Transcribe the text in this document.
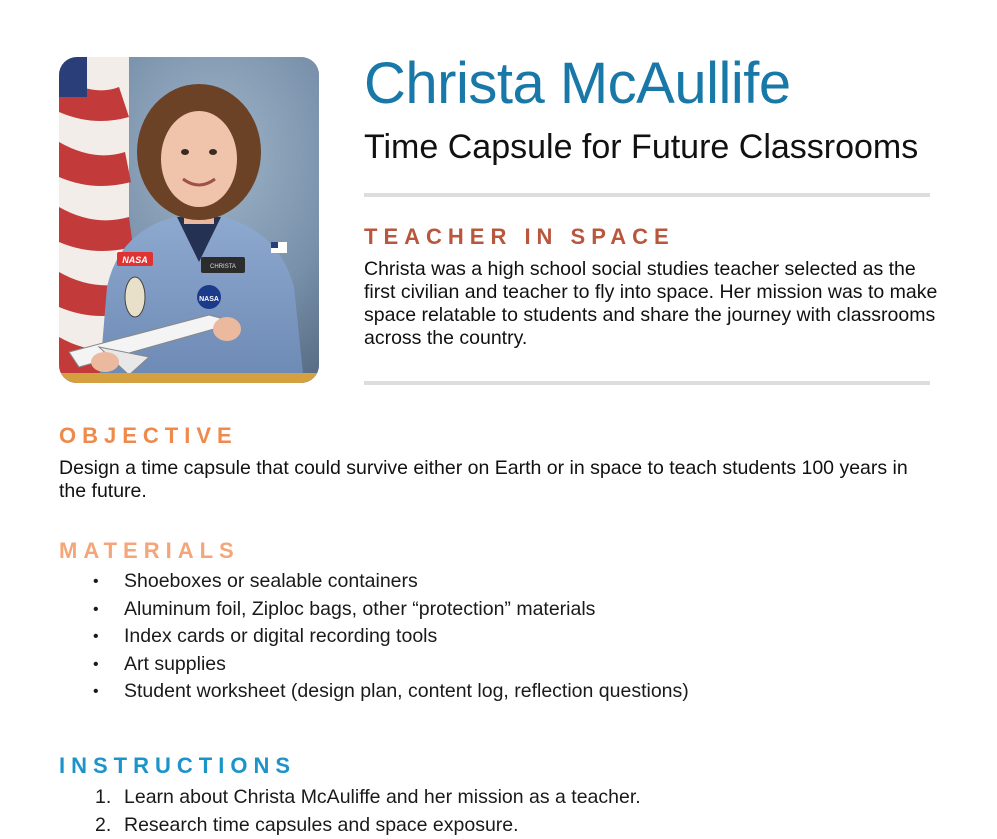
CHRISTA
NASA
NASA
Christa McAullife
Time Capsule for Future Classrooms
TEACHER IN SPACE

Christa was a high school social studies teacher selected as the first civilian and teacher to fly into space. Her mission was to make space relatable to students and share the journey with classrooms across the country.

OBJECTIVE

Design a time capsule that could survive either on Earth or in space to teach students 100 years in the future.

MATERIALS
• Shoeboxes or sealable containers
• Aluminum foil, Ziploc bags, other “protection” materials
• Index cards or digital recording tools
• Art supplies
• Student worksheet (design plan, content log, reflection questions)
INSTRUCTIONS
1. Learn about Christa McAuliffe and her mission as a teacher.
2. Research time capsules and space exposure.
